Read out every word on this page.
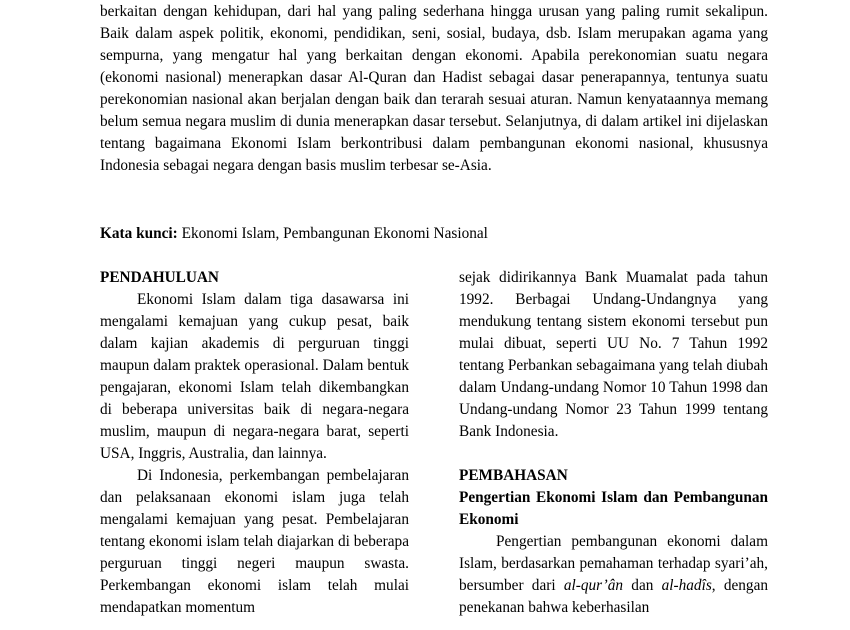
berkaitan dengan kehidupan, dari hal yang paling sederhana hingga urusan yang paling rumit sekalipun. Baik dalam aspek politik, ekonomi, pendidikan, seni, sosial, budaya, dsb. Islam merupakan agama yang sempurna, yang mengatur hal yang berkaitan dengan ekonomi. Apabila perekonomian suatu negara (ekonomi nasional) menerapkan dasar Al-Quran dan Hadist sebagai dasar penerapannya, tentunya suatu perekonomian nasional akan berjalan dengan baik dan terarah sesuai aturan. Namun kenyataannya memang belum semua negara muslim di dunia menerapkan dasar tersebut. Selanjutnya, di dalam artikel ini dijelaskan tentang bagaimana Ekonomi Islam berkontribusi dalam pembangunan ekonomi nasional, khususnya Indonesia sebagai negara dengan basis muslim terbesar se-Asia.

Kata kunci: Ekonomi Islam, Pembangunan Ekonomi Nasional

PENDAHULUAN

Ekonomi Islam dalam tiga dasawarsa ini mengalami kemajuan yang cukup pesat, baik dalam kajian akademis di perguruan tinggi maupun dalam praktek operasional. Dalam bentuk pengajaran, ekonomi Islam telah dikembangkan di beberapa universitas baik di negara-negara muslim, maupun di negara-negara barat, seperti USA, Inggris, Australia, dan lainnya.

Di Indonesia, perkembangan pembelajaran dan pelaksanaan ekonomi islam juga telah mengalami kemajuan yang pesat. Pembelajaran tentang ekonomi islam telah diajarkan di beberapa perguruan tinggi negeri maupun swasta. Perkembangan ekonomi islam telah mulai mendapatkan momentum

sejak didirikannya Bank Muamalat pada tahun 1992. Berbagai Undang-Undangnya yang mendukung tentang sistem ekonomi tersebut pun mulai dibuat, seperti UU No. 7 Tahun 1992 tentang Perbankan sebagaimana yang telah diubah dalam Undang-undang Nomor 10 Tahun 1998 dan Undang-undang Nomor 23 Tahun 1999 tentang Bank Indonesia.

PEMBAHASAN

Pengertian Ekonomi Islam dan Pembangunan Ekonomi

Pengertian pembangunan ekonomi dalam Islam, berdasarkan pemahaman terhadap syari’ah, bersumber dari al-qur’ân dan al-hadîs, dengan penekanan bahwa keberhasilan
